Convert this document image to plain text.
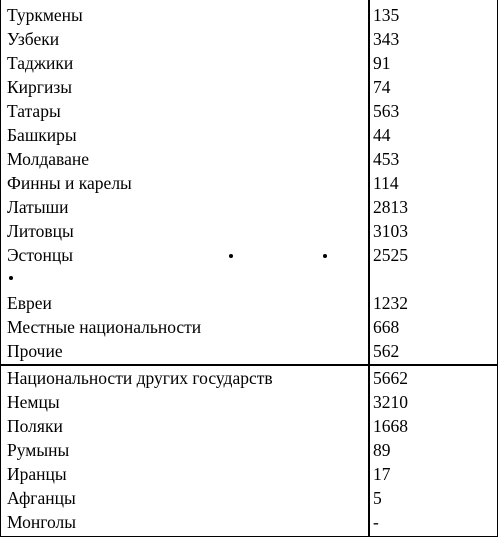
Туркмены	135
Узбеки	343
Таджики	91
Киргизы	74
Татары	563
Башкиры	44
Молдаване	453
Финны и карелы	114
Латыши	2813
Литовцы	3103
Эстонцы	2525
Евреи	1232
Местные национальности	668
Прочие	562
Национальности других государств	5662
Немцы	3210
Поляки	1668
Румыны	89
Иранцы	17
Афганцы	5
Монголы	-
